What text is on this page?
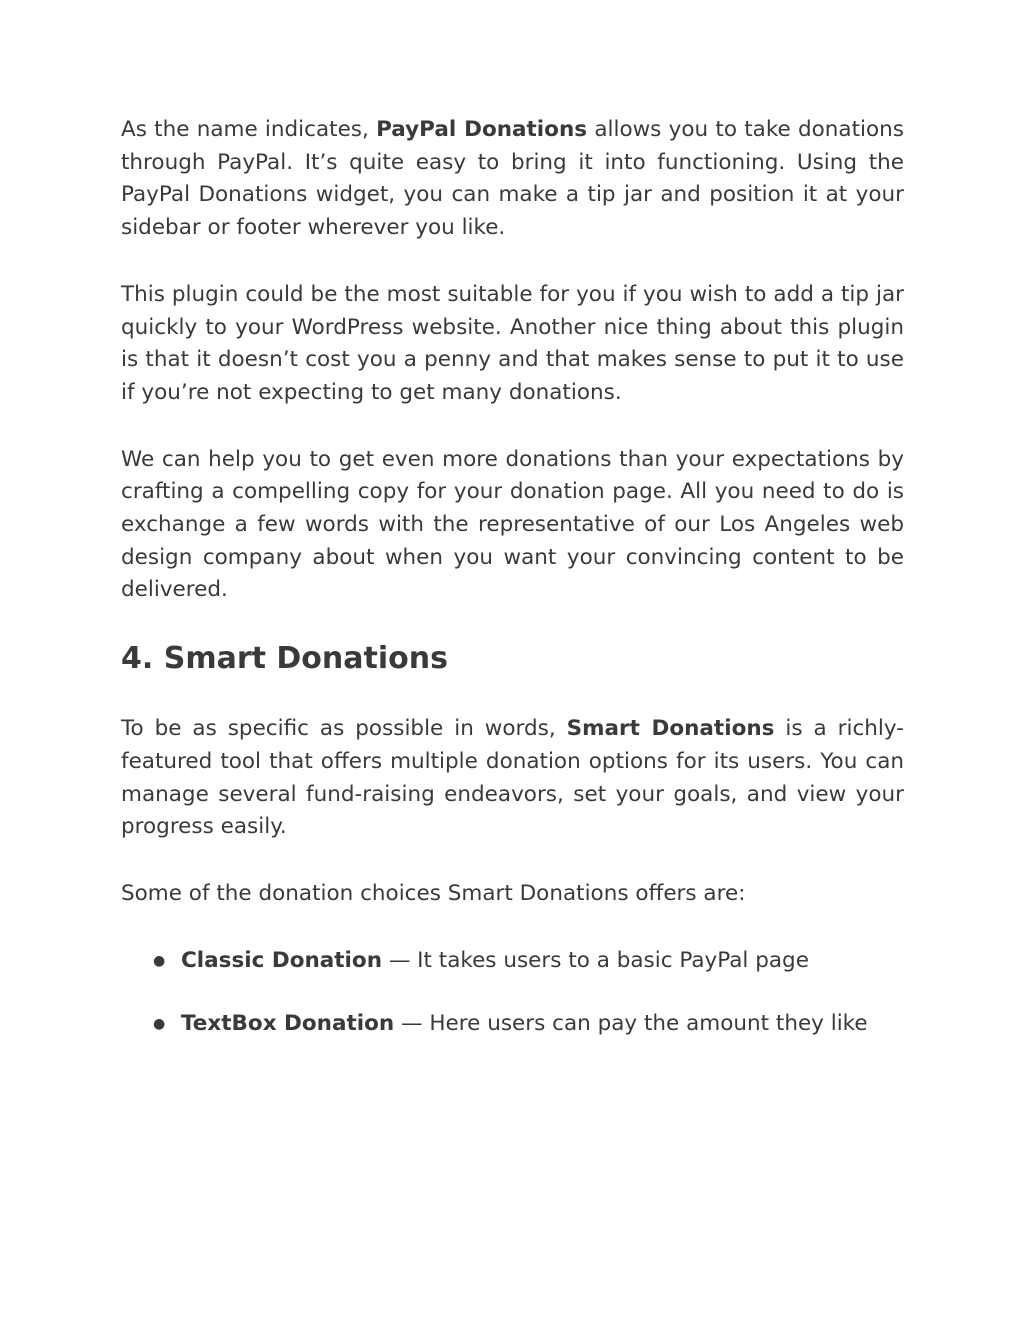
As the name indicates, PayPal Donations allows you to take donations through PayPal. It’s quite easy to bring it into functioning. Using the PayPal Donations widget, you can make a tip jar and position it at your sidebar or footer wherever you like.

This plugin could be the most suitable for you if you wish to add a tip jar quickly to your WordPress website. Another nice thing about this plugin is that it doesn’t cost you a penny and that makes sense to put it to use if you’re not expecting to get many donations.

We can help you to get even more donations than your expectations by crafting a compelling copy for your donation page. All you need to do is exchange a few words with the representative of our Los Angeles web design company about when you want your convincing content to be delivered.

4. Smart Donations

To be as specific as possible in words, Smart Donations is a richly-featured tool that offers multiple donation options for its users. You can manage several fund-raising endeavors, set your goals, and view your progress easily.

Some of the donation choices Smart Donations offers are:

● Classic Donation — It takes users to a basic PayPal page
● TextBox Donation — Here users can pay the amount they like
